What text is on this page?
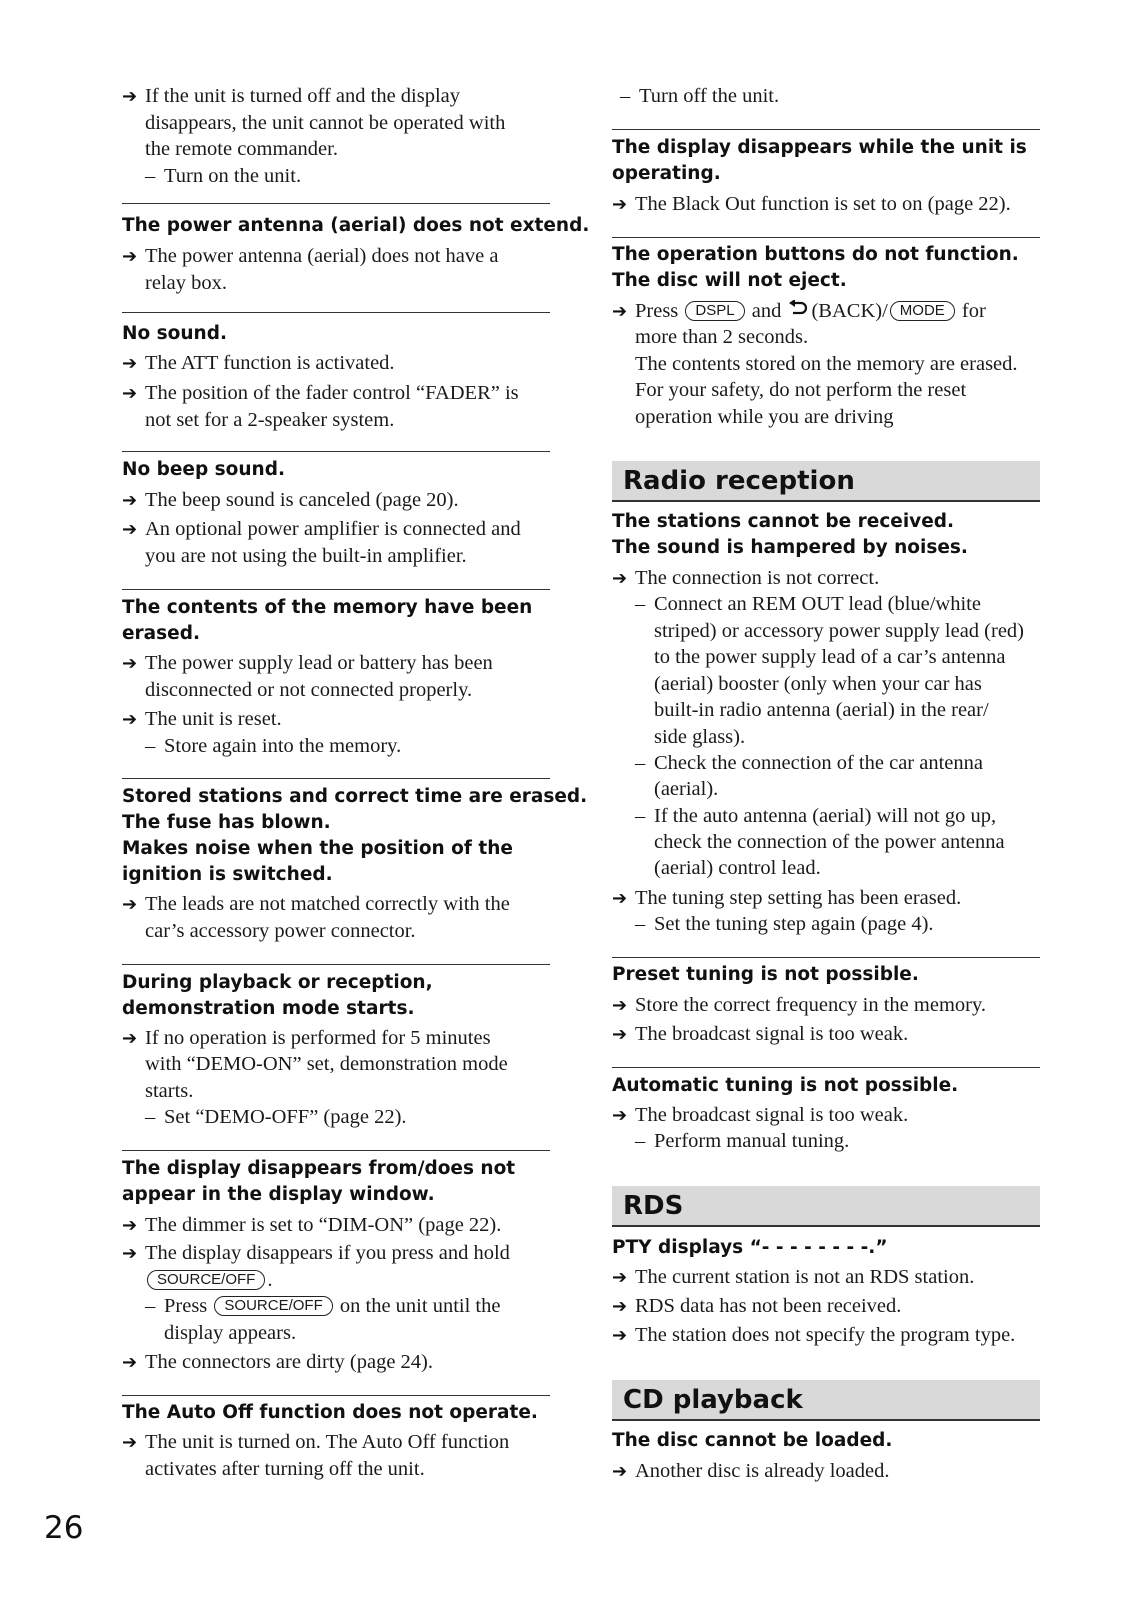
➔ If the unit is turned off and the display
disappears, the unit cannot be operated with
the remote commander.
– Turn on the unit.
The power antenna (aerial) does not extend.
➔ The power antenna (aerial) does not have a
relay box.
No sound.
➔ The ATT function is activated.
➔ The position of the fader control “FADER” is
not set for a 2-speaker system.
No beep sound.
➔ The beep sound is canceled (page 20).
➔ An optional power amplifier is connected and
you are not using the built-in amplifier.
The contents of the memory have been
erased.
➔ The power supply lead or battery has been
disconnected or not connected properly.
➔ The unit is reset.
– Store again into the memory.
Stored stations and correct time are erased.
The fuse has blown.
Makes noise when the position of the
ignition is switched.
➔ The leads are not matched correctly with the
car’s accessory power connector.
During playback or reception,
demonstration mode starts.
➔ If no operation is performed for 5 minutes
with “DEMO-ON” set, demonstration mode
starts.
– Set “DEMO-OFF” (page 22).
The display disappears from/does not
appear in the display window.
➔ The dimmer is set to “DIM-ON” (page 22).
➔ The display disappears if you press and hold
SOURCE/OFF .
– Press SOURCE/OFF on the unit until the
display appears.
➔ The connectors are dirty (page 24).
The Auto Off function does not operate.
➔ The unit is turned on. The Auto Off function
activates after turning off the unit.
– Turn off the unit.
The display disappears while the unit is
operating.
➔ The Black Out function is set to on (page 22).
The operation buttons do not function.
The disc will not eject.
➔ Press DSPL and (BACK)/ MODE for
more than 2 seconds.
The contents stored on the memory are erased.
For your safety, do not perform the reset
operation while you are driving
Radio reception
The stations cannot be received.
The sound is hampered by noises.
➔ The connection is not correct.
– Connect an REM OUT lead (blue/white
striped) or accessory power supply lead (red)
to the power supply lead of a car’s antenna
(aerial) booster (only when your car has
built-in radio antenna (aerial) in the rear/
side glass).
– Check the connection of the car antenna
(aerial).
– If the auto antenna (aerial) will not go up,
check the connection of the power antenna
(aerial) control lead.
➔ The tuning step setting has been erased.
– Set the tuning step again (page 4).
Preset tuning is not possible.
➔ Store the correct frequency in the memory.
➔ The broadcast signal is too weak.
Automatic tuning is not possible.
➔ The broadcast signal is too weak.
– Perform manual tuning.
RDS
PTY displays “- - - - - - - -.”
➔ The current station is not an RDS station.
➔ RDS data has not been received.
➔ The station does not specify the program type.
CD playback
The disc cannot be loaded.
➔ Another disc is already loaded.
26
